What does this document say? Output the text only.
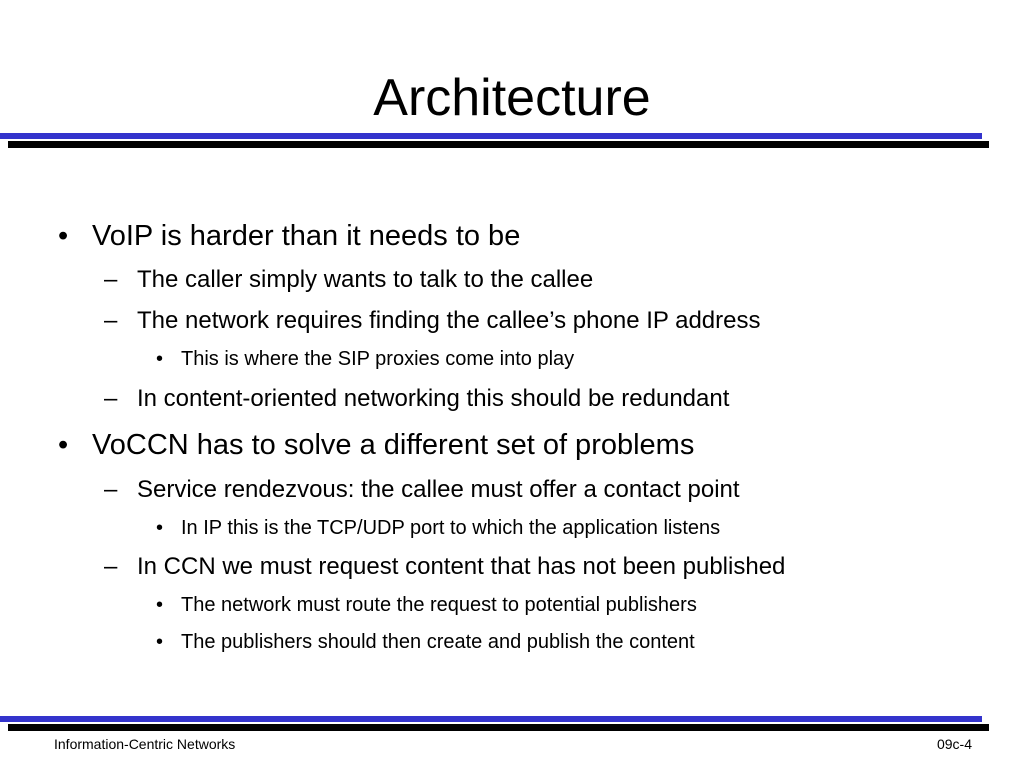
Architecture
• VoIP is harder than it needs to be
– The caller simply wants to talk to the callee
– The network requires finding the callee’s phone IP address
• This is where the SIP proxies come into play
– In content-oriented networking this should be redundant
• VoCCN has to solve a different set of problems
– Service rendezvous: the callee must offer a contact point
• In IP this is the TCP/UDP port to which the application listens
– In CCN we must request content that has not been published
• The network must route the request to potential publishers
• The publishers should then create and publish the content
Information-Centric Networks	09c-4
